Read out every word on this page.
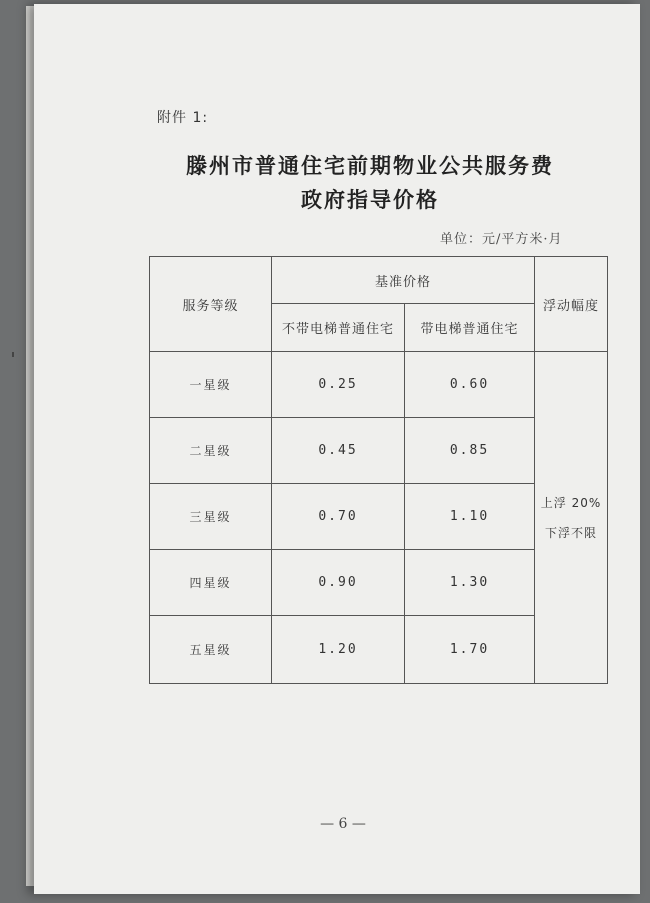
附件 1:
滕州市普通住宅前期物业公共服务费
政府指导价格
单位：元/平方米·月
服务等级	基准价格		浮动幅度
	不带电梯普通住宅	带电梯普通住宅	
一星级	0.25	0.60	上浮 20%
下浮不限

二星级	0.45	0.85	
三星级	0.70	1.10	
四星级	0.90	1.30	
五星级	1.20	1.70	
— 6 —
